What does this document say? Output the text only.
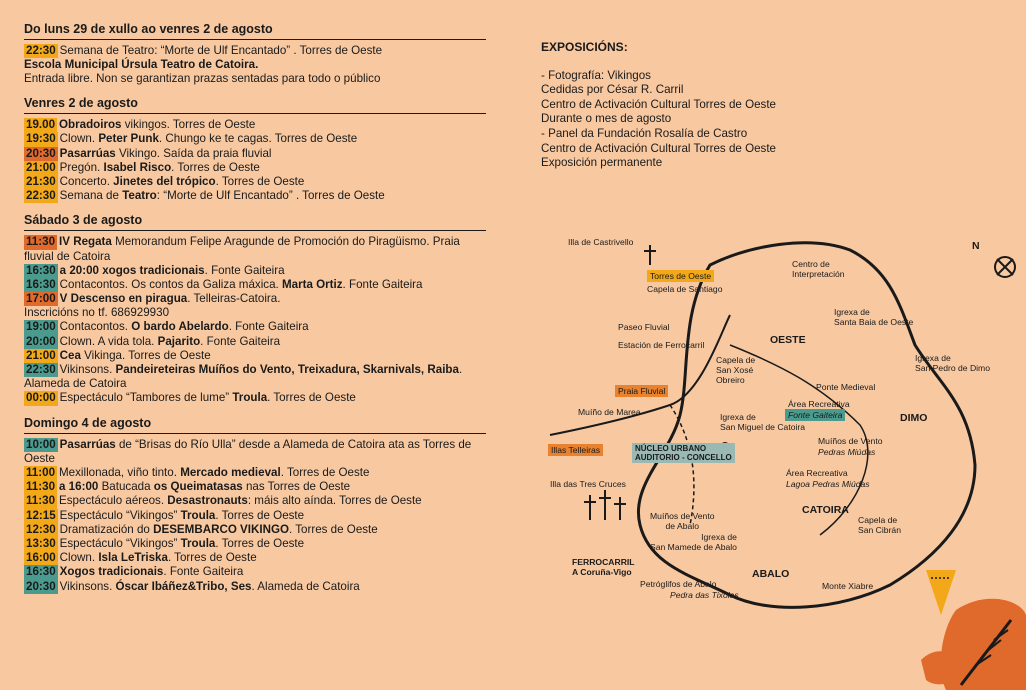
Do luns 29 de xullo ao venres 2 de agosto
22:30 Semana de Teatro: “Morte de Ulf Encantado” . Torres de Oeste
Escola Municipal Úrsula Teatro de Catoira.
Entrada libre. Non se garantizan prazas sentadas para todo o público
Venres 2 de agosto
19.00 Obradoiros vikingos. Torres de Oeste
19:30 Clown. Peter Punk. Chungo ke te cagas. Torres de Oeste
20:30 Pasarrúas Vikingo. Saída da praia fluvial
21:00 Pregón. Isabel Risco. Torres de Oeste
21:30 Concerto. Jinetes del trópico. Torres de Oeste
22:30 Semana de Teatro: “Morte de Ulf Encantado” . Torres de Oeste
Sábado 3 de agosto
11:30 IV Regata Memorandum Felipe Aragunde de Promoción do Piragüismo. Praia fluvial de Catoira
16:30 a 20:00 xogos tradicionais. Fonte Gaiteira
16:30 Contacontos. Os contos da Galiza máxica. Marta Ortiz. Fonte Gaiteira
17:00 V Descenso en piragua. Telleiras-Catoira.
Inscricións no tf. 686929930
19:00 Contacontos. O bardo Abelardo. Fonte Gaiteira
20:00 Clown. A vida tola. Pajarito. Fonte Gaiteira
21:00 Cea Vikinga. Torres de Oeste
22:30 Vikinsons. Pandeireteiras Muíños do Vento, Treixadura, Skarnivals, Raiba. Alameda de Catoira
00:00 Espectáculo “Tambores de lume” Troula. Torres de Oeste
Domingo 4 de agosto
10:00 Pasarrúas de “Brisas do Río Ulla” desde a Alameda de Catoira ata as Torres de Oeste
11:00 Mexillonada, viño tinto. Mercado medieval. Torres de Oeste
11:30 a 16:00 Batucada os Queimatasas nas Torres de Oeste
11:30 Espectáculo aéreos. Desastronauts: máis alto aínda. Torres de Oeste
12:15 Espectáculo “Vikingos” Troula. Torres de Oeste
12:30 Dramatización do DESEMBARCO VIKINGO. Torres de Oeste
13:30 Espectáculo “Vikingos” Troula. Torres de Oeste
16:00 Clown. Isla LeTriska. Torres de Oeste
16:30 Xogos tradicionais. Fonte Gaiteira
20:30 Vikinsons. Óscar Ibáñez&Tribo, Ses. Alameda de Catoira
EXPOSICIÓNS:
- Fotografía: Vikingos
Cedidas por César R. Carril
Centro de Activación Cultural Torres de Oeste
Durante o mes de agosto
- Panel da Fundación Rosalía de Castro
Centro de Activación Cultural Torres de Oeste
Exposición permanente
N
Illa de Castrivello
Torres de Oeste
Capela de Santiago
Centro de
Interpretación
Igrexa de
Santa Baia de Oeste
Paseo Fluvial
Estación de Ferrocarril	OESTE
Igrexa de
San Pedro de Dimo
Capela de
San Xosé
Obreiro
Praia Fluvial	Ponte Medieval
Muíño de Marea
Área Recreativa
Fonte Gaiteira	DIMO
Igrexa de
San Miguel de Catoira
NÚCLEO URBANO
AUDITORIO - CONCELLO
Illas Telleiras
Muíños de Vento
Pedras Miúdas
Área Recreativa
Lagoa Pedras Miúdas
Illa das Tres Cruces
Muíños de Vento
de Abalo
CATOIRA
Capela de
San Cibrán
Igrexa de
San Mamede de Abalo
FERROCARRIL
A Coruña-Vigo	ABALO
Monte Xiabre
Petróglifos de Abalo
Pedra das Tixolas
